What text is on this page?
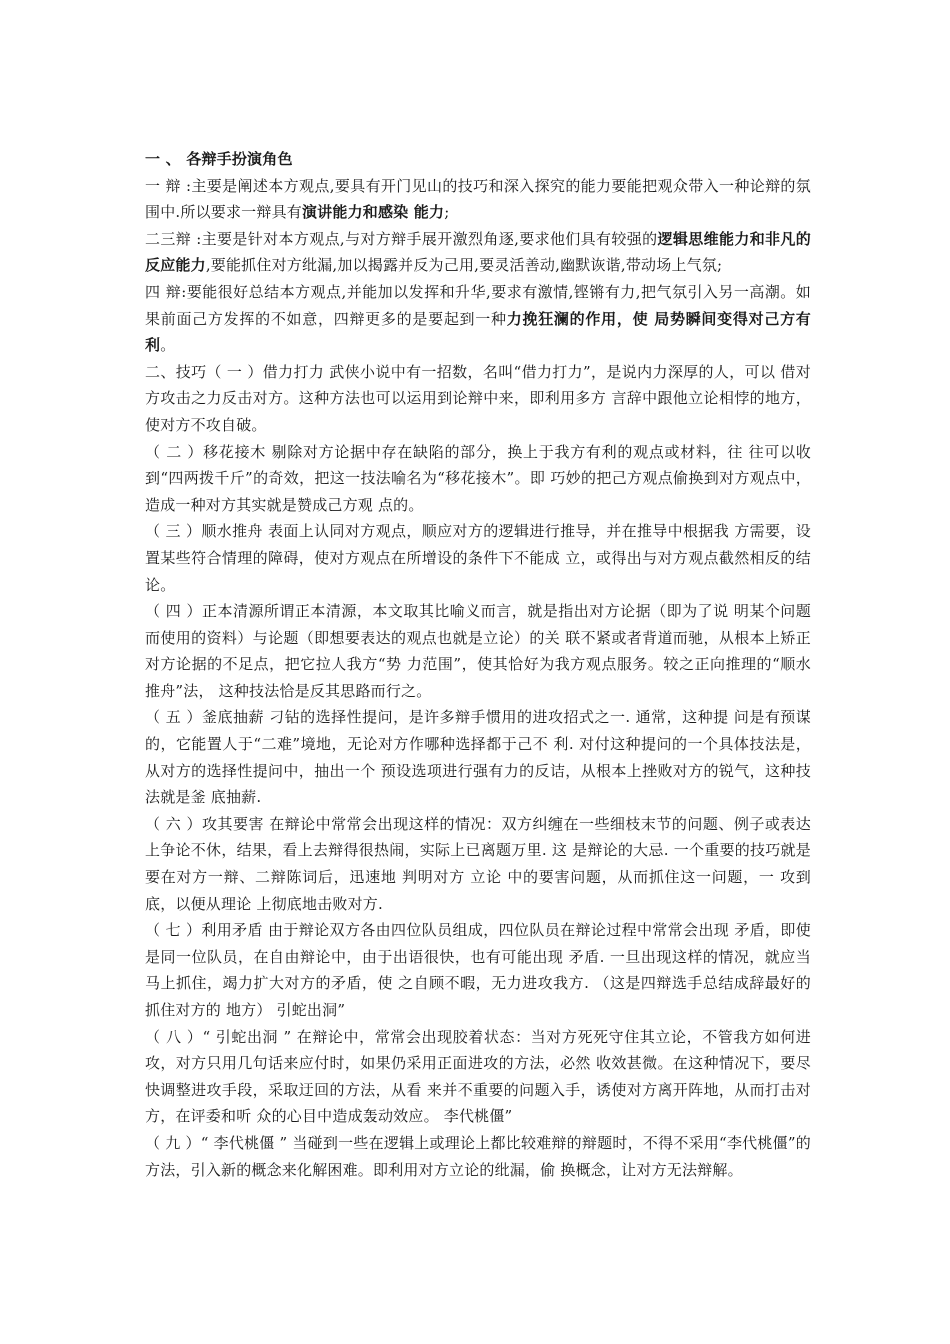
一 、 各辩手扮演角色

一 辩 :主要是阐述本方观点,要具有开门见山的技巧和深入探究的能力要能把观众带入一种论辩的氛围中.所以要求一辩具有演讲能力和感染 能力;

二三辩 :主要是针对本方观点,与对方辩手展开激烈角逐,要求他们具有较强的逻辑思维能力和非凡的反应能力,要能抓住对方纰漏,加以揭露并反为己用,要灵活善动,幽默诙谐,带动场上气氛;

四 辩:要能很好总结本方观点,并能加以发挥和升华,要求有激情,铿锵有力,把气氛引入另一高潮。如果前面己方发挥的不如意，四辩更多的是要起到一种力挽狂澜的作用，使 局势瞬间变得对己方有利。

二、技巧（ 一 ）借力打力 武侠小说中有一招数，名叫“借力打力”，是说内力深厚的人，可以 借对方攻击之力反击对方。这种方法也可以运用到论辩中来，即利用多方 言辞中跟他立论相悖的地方，使对方不攻自破。

（ 二 ）移花接木 剔除对方论据中存在缺陷的部分，换上于我方有利的观点或材料，往 往可以收到“四两拨千斤”的奇效，把这一技法喻名为“移花接木”。即 巧妙的把己方观点偷换到对方观点中，造成一种对方其实就是赞成己方观 点的。

（ 三 ）顺水推舟 表面上认同对方观点，顺应对方的逻辑进行推导，并在推导中根据我 方需要，设置某些符合情理的障碍，使对方观点在所增设的条件下不能成 立，或得出与对方观点截然相反的结论。

（ 四 ）正本清源所谓正本清源，本文取其比喻义而言，就是指出对方论据（即为了说 明某个问题而使用的资料）与论题（即想要表达的观点也就是立论）的关 联不紧或者背道而驰，从根本上矫正对方论据的不足点，把它拉人我方“势 力范围”，使其恰好为我方观点服务。较之正向推理的“顺水推舟”法， 这种技法恰是反其思路而行之。

（ 五 ）釜底抽薪 刁钻的选择性提问，是许多辩手惯用的进攻招式之一. 通常，这种提 问是有预谋的，它能置人于“二难”境地，无论对方作哪种选择都于己不 利. 对付这种提问的一个具体技法是，从对方的选择性提问中，抽出一个 预设选项进行强有力的反诘，从根本上挫败对方的锐气，这种技法就是釜 底抽薪.

（ 六 ）攻其要害 在辩论中常常会出现这样的情况：双方纠缠在一些细枝末节的问题、例子或表达上争论不休，结果，看上去辩得很热闹，实际上已离题万里. 这 是辩论的大忌. 一个重要的技巧就是要在对方一辩、二辩陈词后，迅速地 判明对方 立论 中的要害问题，从而抓住这一问题，一 攻到底，以便从理论 上彻底地击败对方.

（ 七 ）利用矛盾 由于辩论双方各由四位队员组成，四位队员在辩论过程中常常会出现 矛盾，即使是同一位队员，在自由辩论中，由于出语很快，也有可能出现 矛盾. 一旦出现这样的情况，就应当马上抓住，竭力扩大对方的矛盾，使 之自顾不暇，无力进攻我方. （这是四辩选手总结成辞最好的抓住对方的 地方） 引蛇出洞”

（ 八 ）“ 引蛇出洞 ” 在辩论中，常常会出现胶着状态：当对方死死守住其立论，不管我方如何进攻，对方只用几句话来应付时，如果仍采用正面进攻的方法，必然 收效甚微。在这种情况下，要尽快调整进攻手段，采取迂回的方法，从看 来并不重要的问题入手，诱使对方离开阵地，从而打击对方，在评委和听 众的心目中造成轰动效应。 李代桃僵”

（ 九 ）“ 李代桃僵 ” 当碰到一些在逻辑上或理论上都比较难辩的辩题时，不得不采用“李代桃僵”的方法，引入新的概念来化解困难。即利用对方立论的纰漏，偷 换概念，让对方无法辩解。
